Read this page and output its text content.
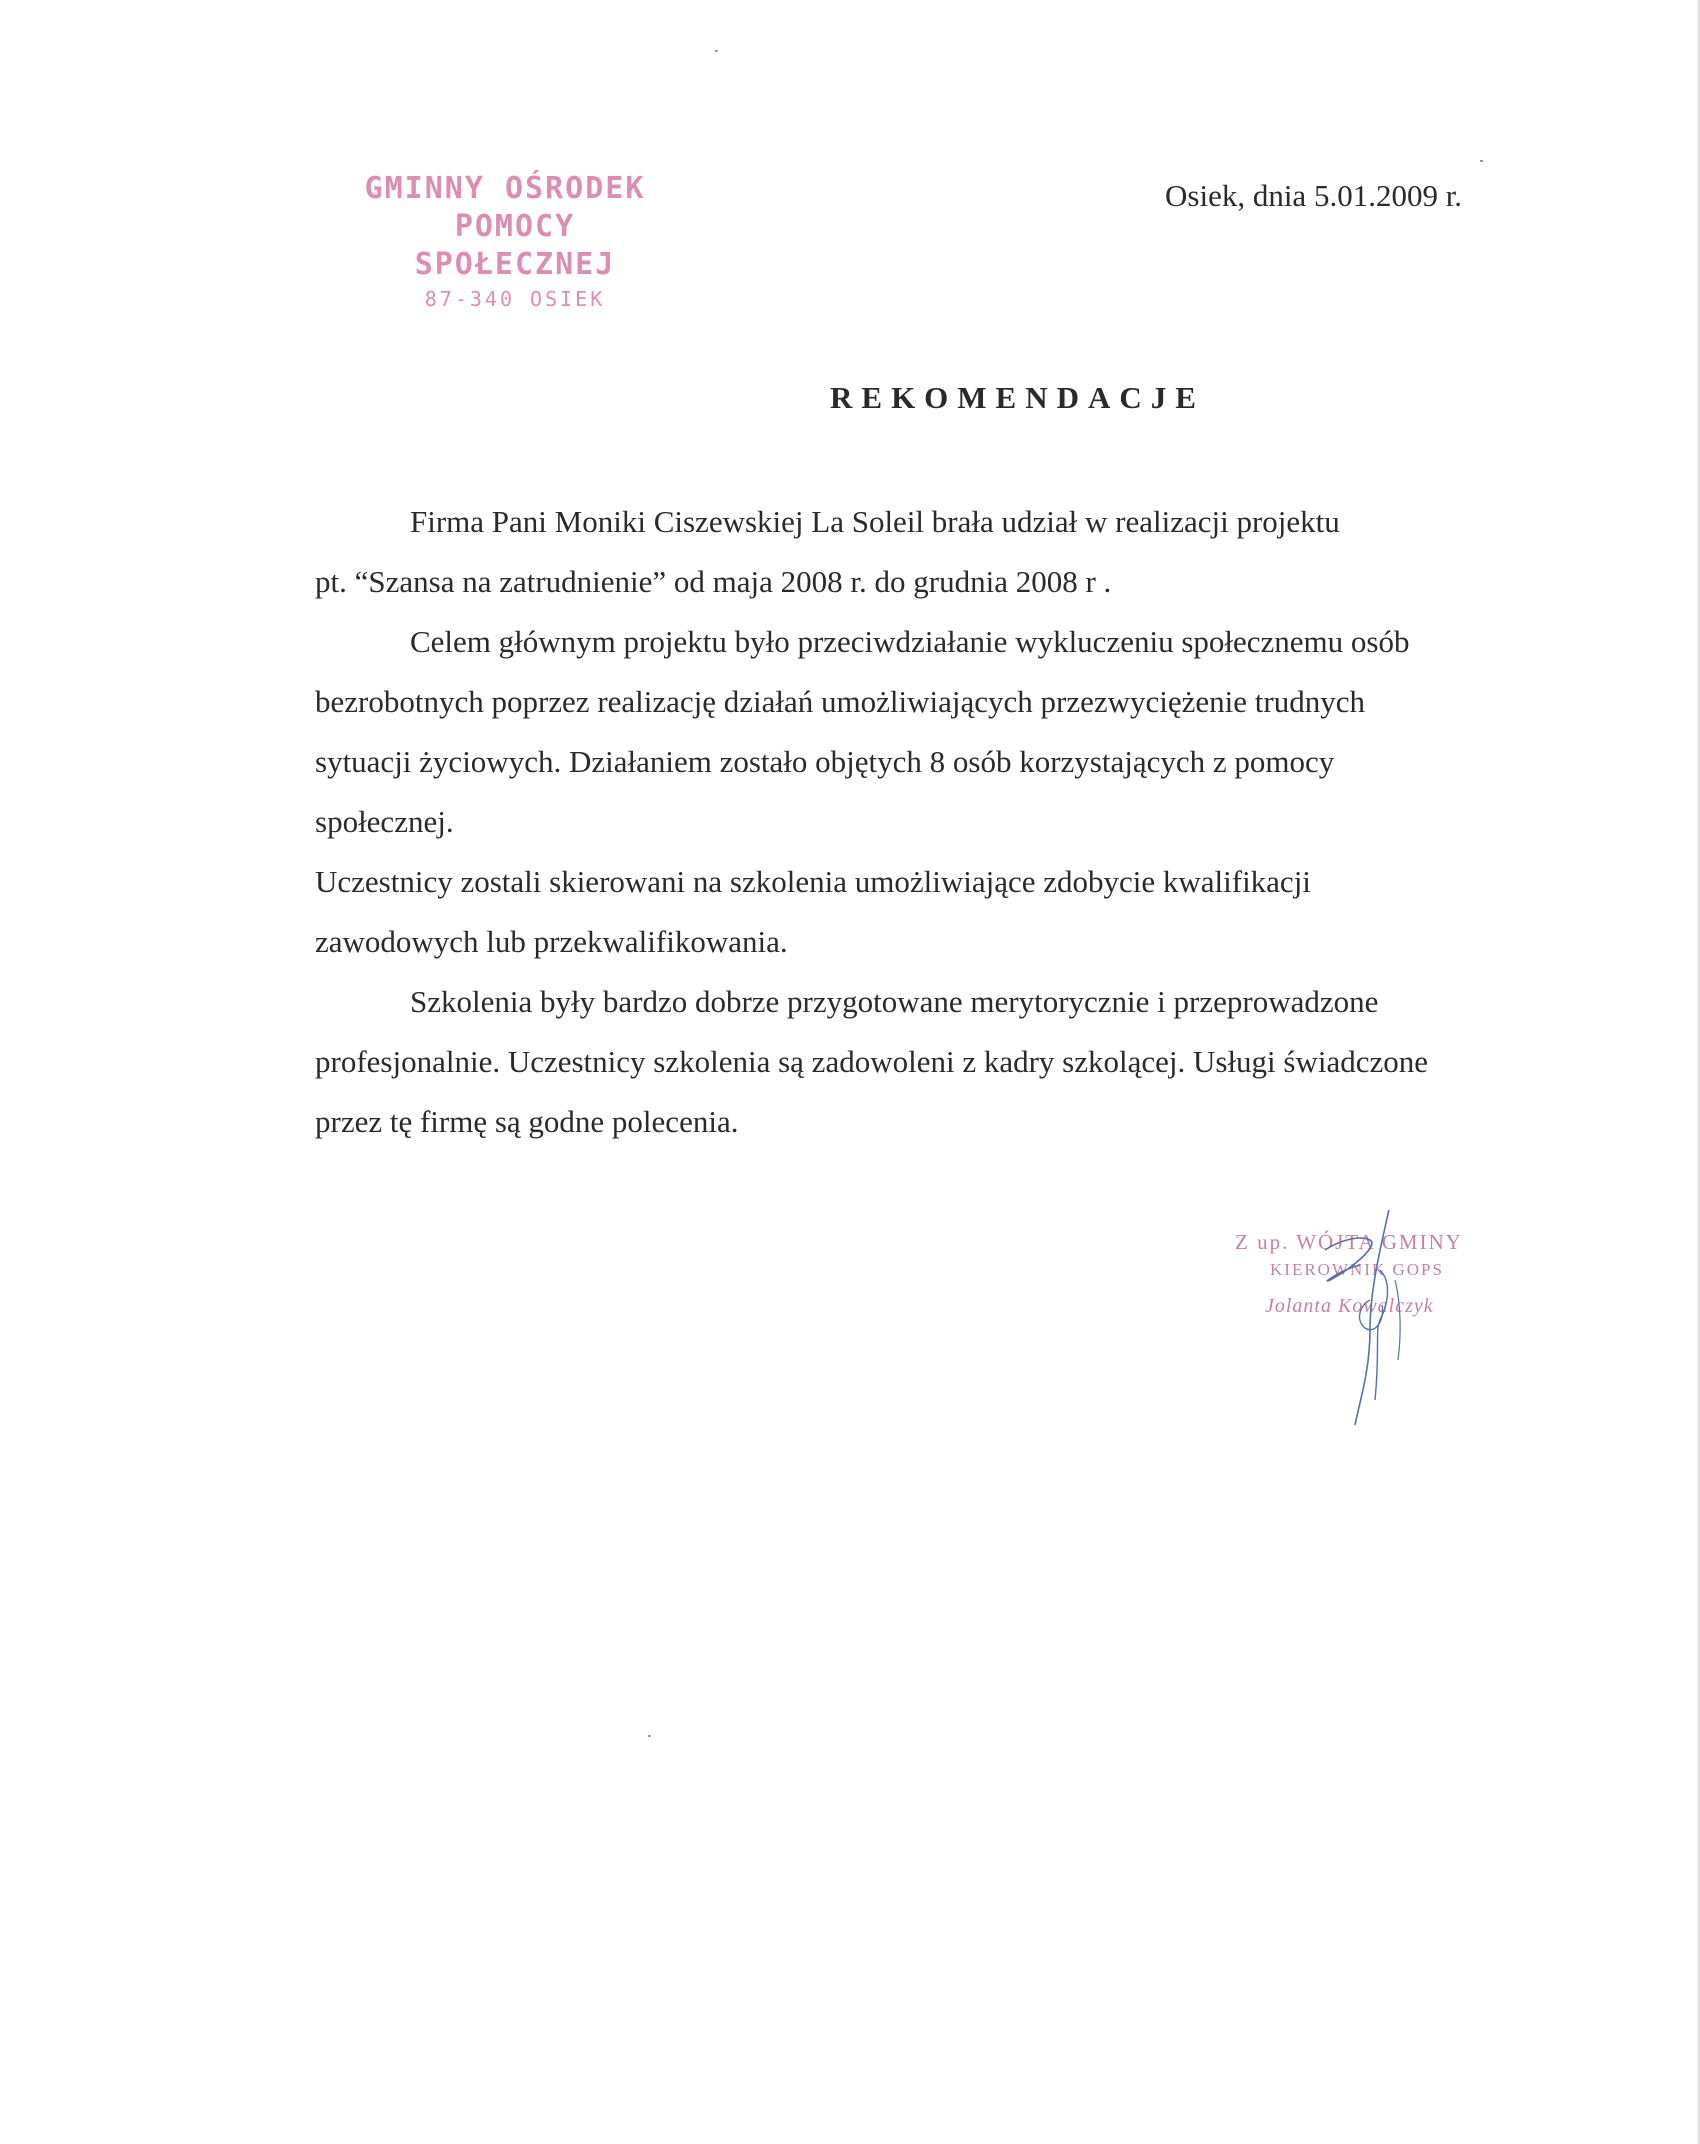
GMINNY OŚRODEK
POMOCY SPOŁECZNEJ
87-340 OSIEK
Osiek, dnia 5.01.2009 r.
REKOMENDACJE

Firma Pani Moniki Ciszewskiej La Soleil brała udział w realizacji projektu

pt. “Szansa na zatrudnienie” od maja 2008 r. do grudnia 2008 r .

Celem głównym projektu było przeciwdziałanie wykluczeniu społecznemu osób

bezrobotnych poprzez realizację działań umożliwiających przezwyciężenie trudnych

sytuacji życiowych. Działaniem zostało objętych 8 osób korzystających z pomocy

społecznej.

Uczestnicy zostali skierowani na szkolenia umożliwiające zdobycie kwalifikacji

zawodowych lub przekwalifikowania.

Szkolenia były bardzo dobrze przygotowane merytorycznie i przeprowadzone

profesjonalnie. Uczestnicy szkolenia są zadowoleni z kadry szkolącej. Usługi świadczone

przez tę firmę są godne polecenia.

Z up. WÓJTA GMINY
KIEROWNIK GOPS
Jolanta Kowalczyk
